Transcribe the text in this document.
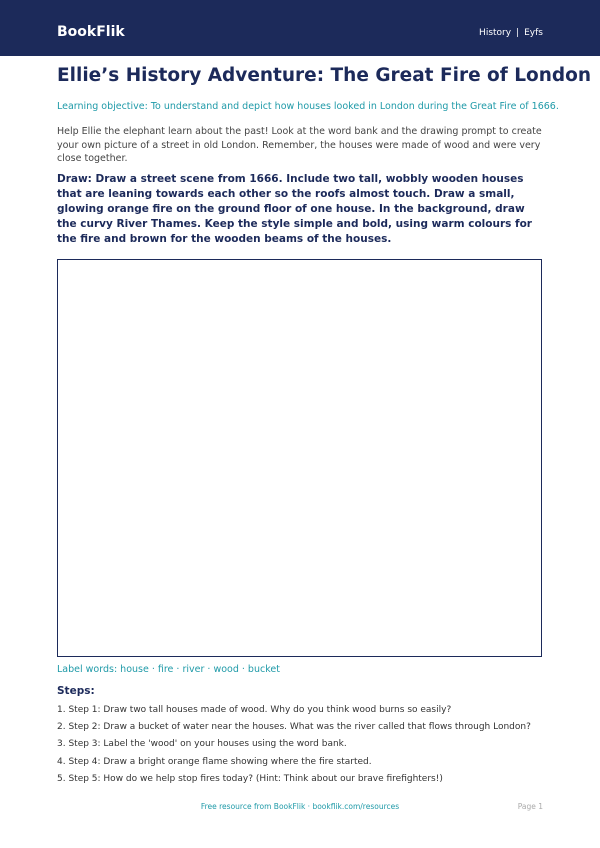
BookFlik	History | Eyfs
Ellie’s History Adventure: The Great Fire of London
Learning objective: To understand and depict how houses looked in London during the Great Fire of 1666.
Help Ellie the elephant learn about the past! Look at the word bank and the drawing prompt to create your own picture of a street in old London. Remember, the houses were made of wood and were very close together.
Draw: Draw a street scene from 1666. Include two tall, wobbly wooden houses that are leaning towards each other so the roofs almost touch. Draw a small, glowing orange fire on the ground floor of one house. In the background, draw the curvy River Thames. Keep the style simple and bold, using warm colours for the fire and brown for the wooden beams of the houses.
Label words: house · fire · river · wood · bucket
Steps:
1. Step 1: Draw two tall houses made of wood. Why do you think wood burns so easily?
2. Step 2: Draw a bucket of water near the houses. What was the river called that flows through London?
3. Step 3: Label the 'wood' on your houses using the word bank.
4. Step 4: Draw a bright orange flame showing where the fire started.
5. Step 5: How do we help stop fires today? (Hint: Think about our brave firefighters!)
Free resource from BookFlik · bookflik.com/resources	Page 1
